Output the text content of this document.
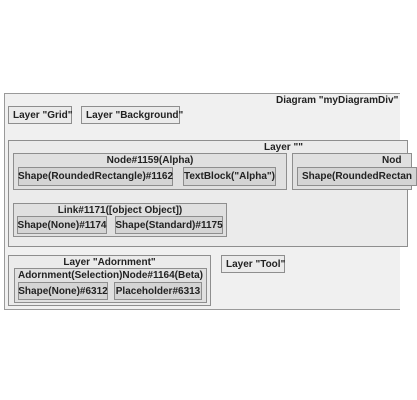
Diagram "myDiagramDiv"
Layer "Grid"	Layer "Background"
Layer ""
Node#1159(Alpha)
Shape(RoundedRectangle)#1162 TextBlock("Alpha")
Nod
Shape(RoundedRectan
Link#1171([object Object])
Shape(None)#1174 Shape(Standard)#1175
Layer "Adornment"
Adornment(Selection)Node#1164(Beta)
Shape(None)#6312 Placeholder#6313
Layer "Tool"
